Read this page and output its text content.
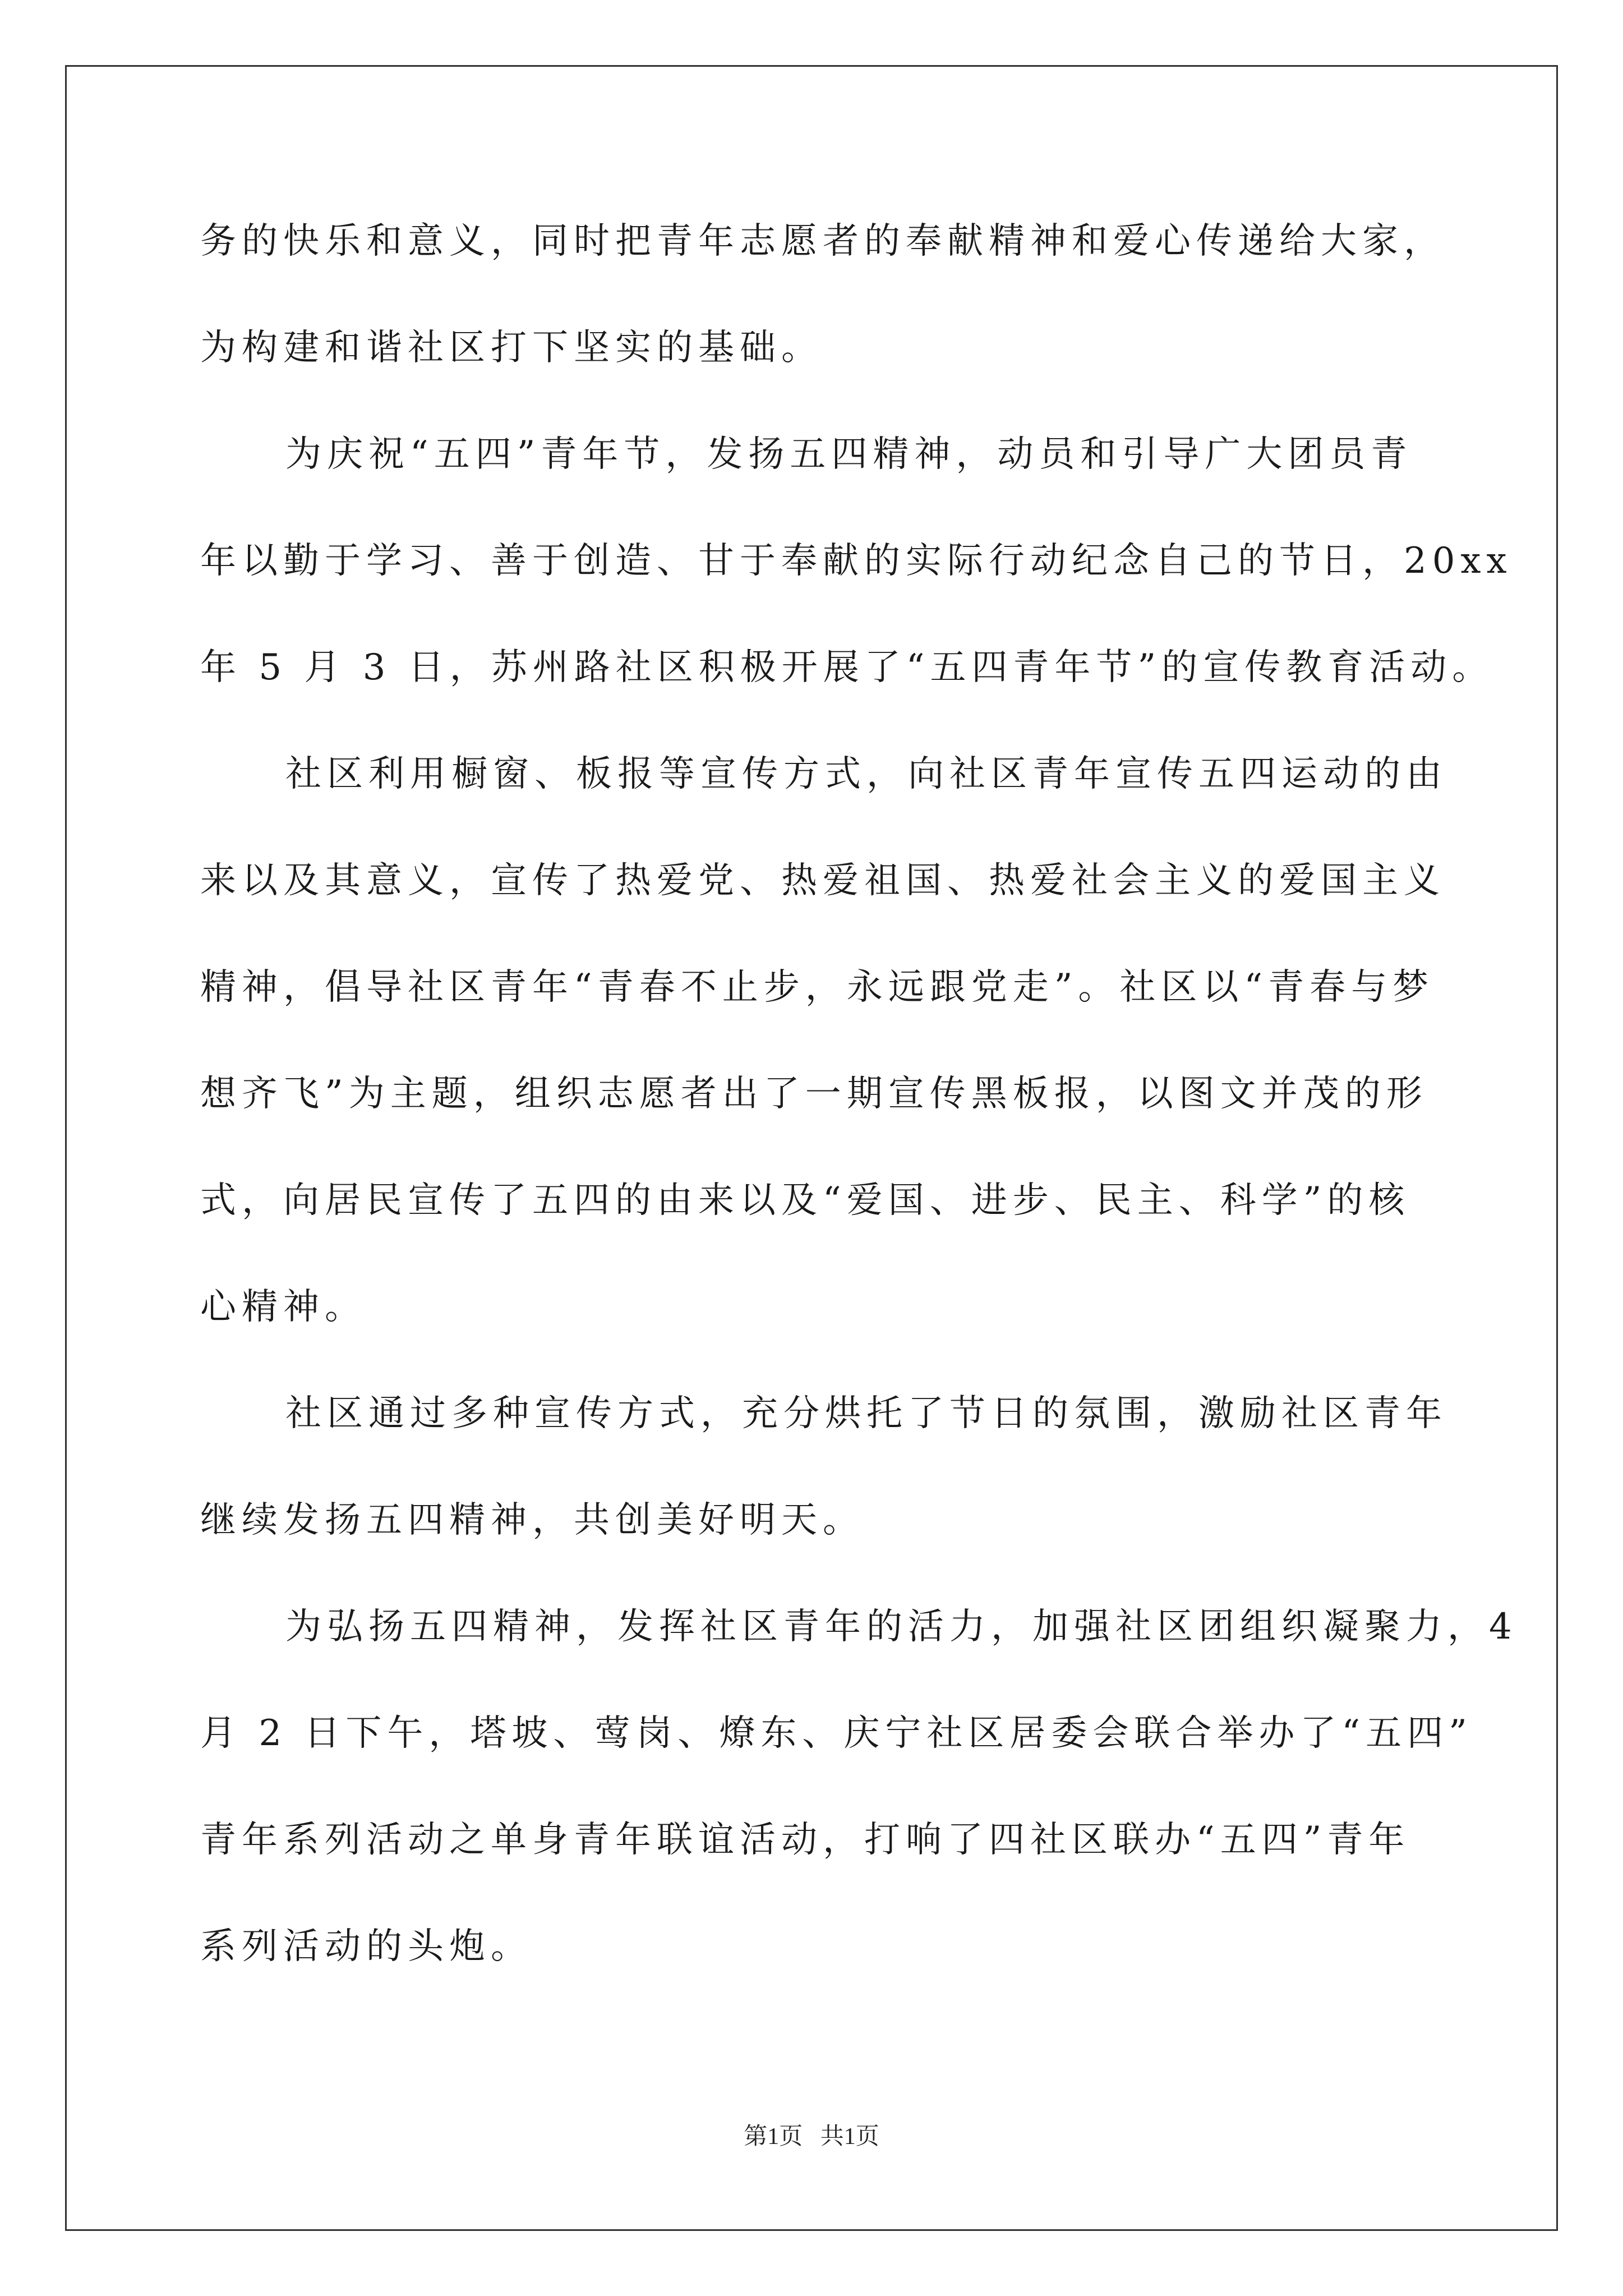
务的快乐和意义，同时把青年志愿者的奉献精神和爱心传递给大家，
为构建和谐社区打下坚实的基础。
为庆祝“五四”青年节，发扬五四精神，动员和引导广大团员青
年以勤于学习、善于创造、甘于奉献的实际行动纪念自己的节日，20xx
年 5 月 3 日，苏州路社区积极开展了“五四青年节”的宣传教育活动。
社区利用橱窗、板报等宣传方式，向社区青年宣传五四运动的由
来以及其意义，宣传了热爱党、热爱祖国、热爱社会主义的爱国主义
精神，倡导社区青年“青春不止步，永远跟党走”。社区以“青春与梦
想齐飞”为主题，组织志愿者出了一期宣传黑板报，以图文并茂的形
式，向居民宣传了五四的由来以及“爱国、进步、民主、科学”的核
心精神。
社区通过多种宣传方式，充分烘托了节日的氛围，激励社区青年
继续发扬五四精神，共创美好明天。
为弘扬五四精神，发挥社区青年的活力，加强社区团组织凝聚力，4
月 2 日下午，塔坡、莺岗、燎东、庆宁社区居委会联合举办了“五四”
青年系列活动之单身青年联谊活动，打响了四社区联办“五四”青年
系列活动的头炮。
第1页   共1页
